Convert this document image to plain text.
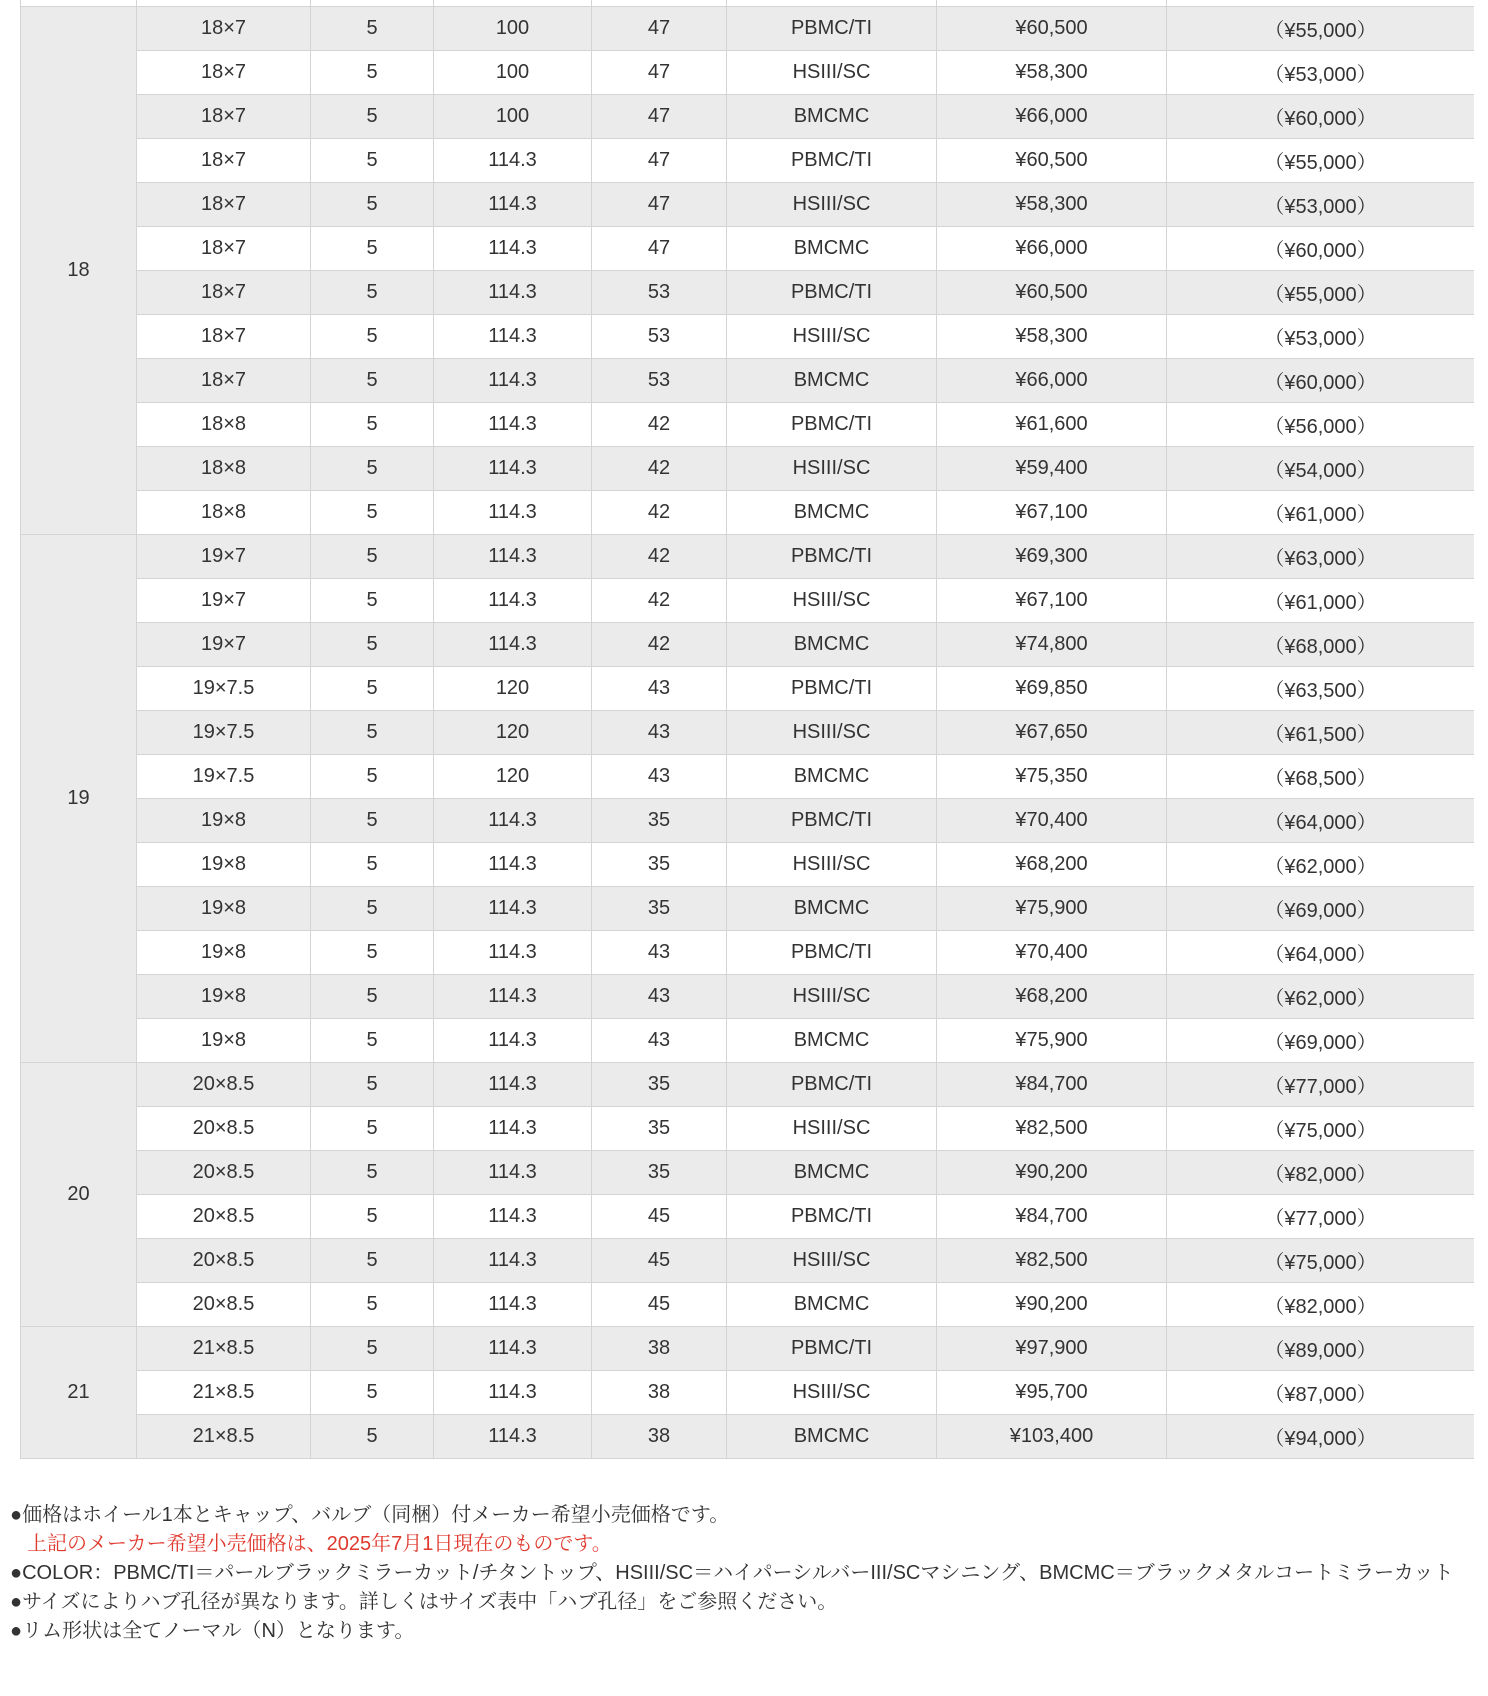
18	18×7	5	100	47	PBMC/TI	¥60,500	（¥55,000）
	18×7	5	100	47	HSIII/SC	¥58,300	（¥53,000）
	18×7	5	100	47	BMCMC	¥66,000	（¥60,000）
	18×7	5	114.3	47	PBMC/TI	¥60,500	（¥55,000）
	18×7	5	114.3	47	HSIII/SC	¥58,300	（¥53,000）
	18×7	5	114.3	47	BMCMC	¥66,000	（¥60,000）
	18×7	5	114.3	53	PBMC/TI	¥60,500	（¥55,000）
	18×7	5	114.3	53	HSIII/SC	¥58,300	（¥53,000）
	18×7	5	114.3	53	BMCMC	¥66,000	（¥60,000）
	18×8	5	114.3	42	PBMC/TI	¥61,600	（¥56,000）
	18×8	5	114.3	42	HSIII/SC	¥59,400	（¥54,000）
	18×8	5	114.3	42	BMCMC	¥67,100	（¥61,000）
19	19×7	5	114.3	42	PBMC/TI	¥69,300	（¥63,000）
	19×7	5	114.3	42	HSIII/SC	¥67,100	（¥61,000）
	19×7	5	114.3	42	BMCMC	¥74,800	（¥68,000）
	19×7.5	5	120	43	PBMC/TI	¥69,850	（¥63,500）
	19×7.5	5	120	43	HSIII/SC	¥67,650	（¥61,500）
	19×7.5	5	120	43	BMCMC	¥75,350	（¥68,500）
	19×8	5	114.3	35	PBMC/TI	¥70,400	（¥64,000）
	19×8	5	114.3	35	HSIII/SC	¥68,200	（¥62,000）
	19×8	5	114.3	35	BMCMC	¥75,900	（¥69,000）
	19×8	5	114.3	43	PBMC/TI	¥70,400	（¥64,000）
	19×8	5	114.3	43	HSIII/SC	¥68,200	（¥62,000）
	19×8	5	114.3	43	BMCMC	¥75,900	（¥69,000）
20	20×8.5	5	114.3	35	PBMC/TI	¥84,700	（¥77,000）
	20×8.5	5	114.3	35	HSIII/SC	¥82,500	（¥75,000）
	20×8.5	5	114.3	35	BMCMC	¥90,200	（¥82,000）
	20×8.5	5	114.3	45	PBMC/TI	¥84,700	（¥77,000）
	20×8.5	5	114.3	45	HSIII/SC	¥82,500	（¥75,000）
	20×8.5	5	114.3	45	BMCMC	¥90,200	（¥82,000）
21	21×8.5	5	114.3	38	PBMC/TI	¥97,900	（¥89,000）
	21×8.5	5	114.3	38	HSIII/SC	¥95,700	（¥87,000）
	21×8.5	5	114.3	38	BMCMC	¥103,400	（¥94,000）
●価格はホイール1本とキャップ、バルブ（同梱）付メーカー希望小売価格です。
上記のメーカー希望小売価格は、2025年7月1日現在のものです。
●COLOR：PBMC/TI＝パールブラックミラーカット/チタントップ、HSIII/SC＝ハイパーシルバーIII/SCマシニング、BMCMC＝ブラックメタルコートミラーカット
●サイズによりハブ孔径が異なります。詳しくはサイズ表中「ハブ孔径」をご参照ください。
●リム形状は全てノーマル（N）となります。
